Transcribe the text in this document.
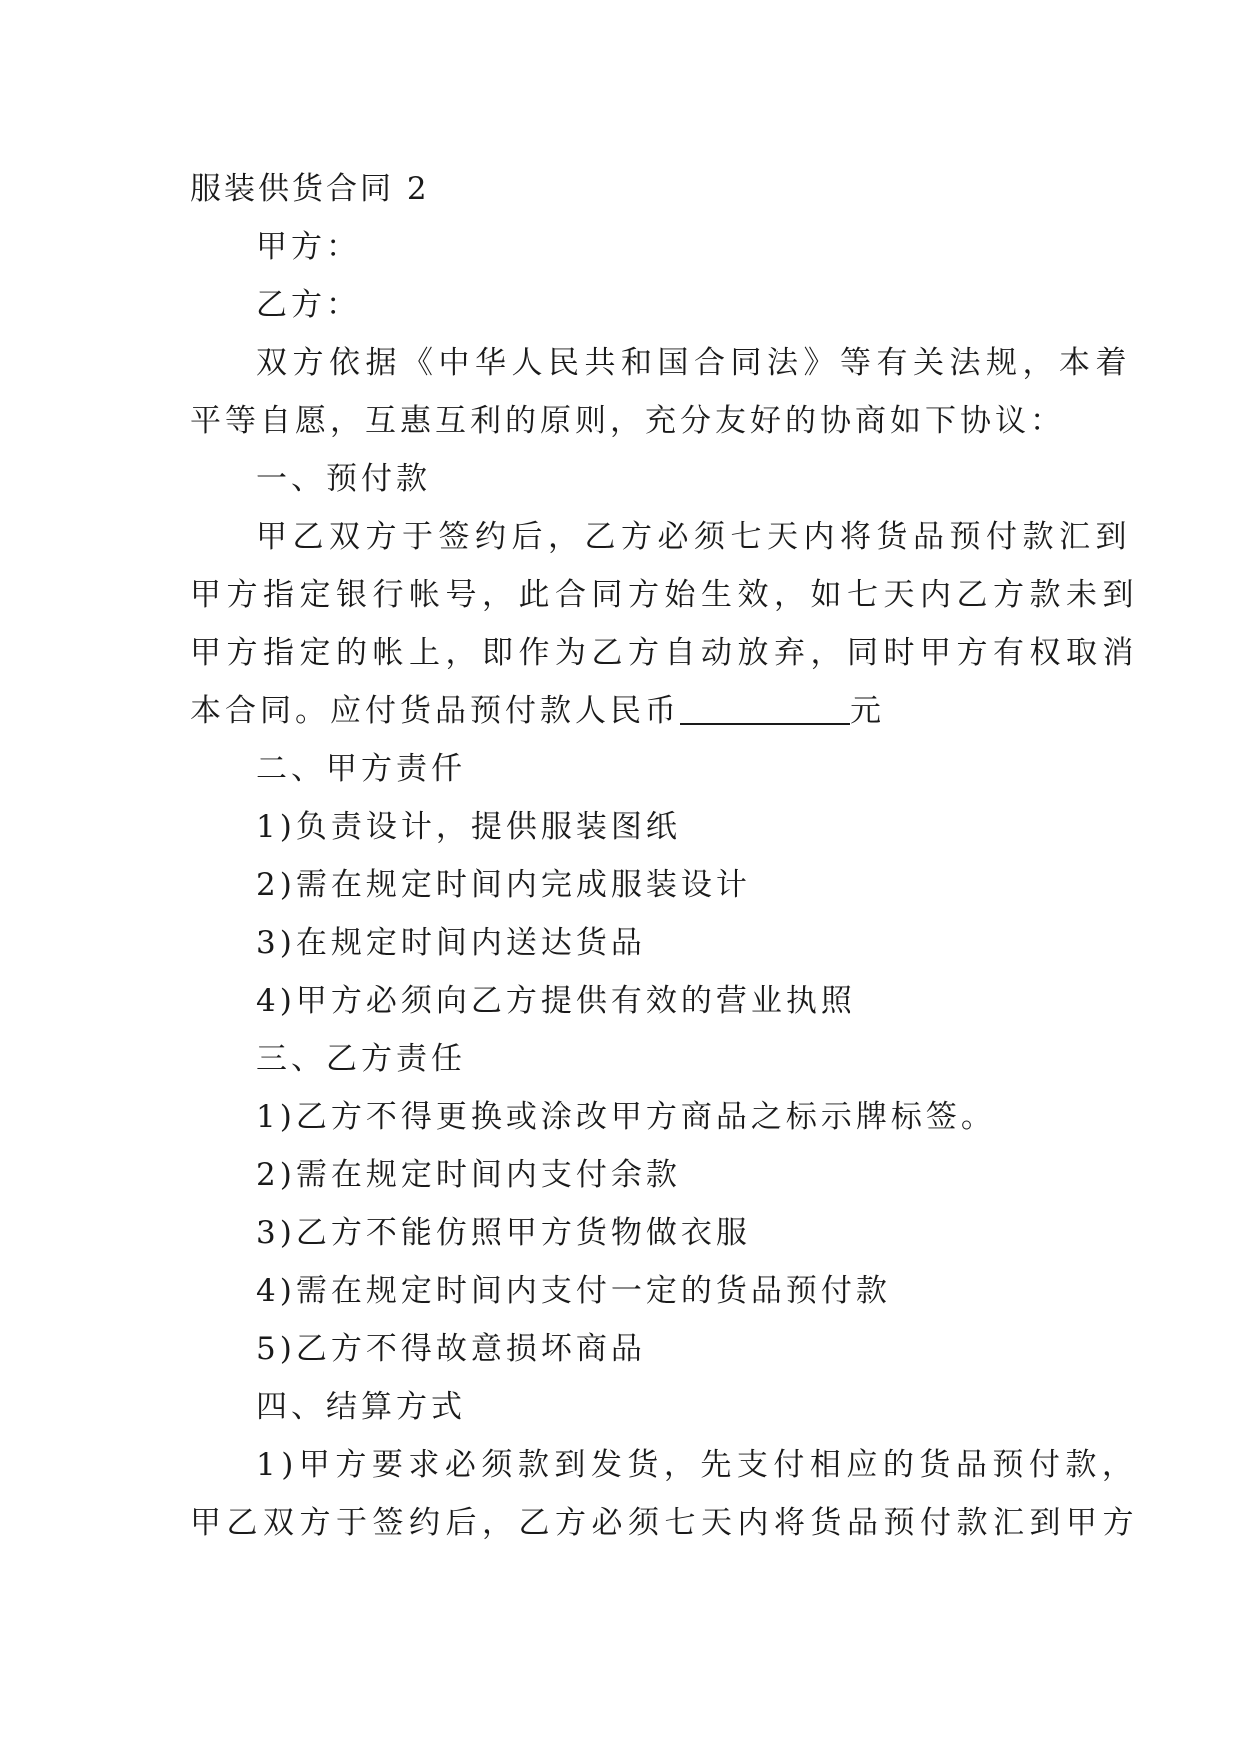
服装供货合同 2
甲方：
乙方：
双方依据《中华人民共和国合同法》等有关法规，本着
平等自愿，互惠互利的原则，充分友好的协商如下协议：
一、预付款
甲乙双方于签约后，乙方必须七天内将货品预付款汇到
甲方指定银行帐号，此合同方始生效，如七天内乙方款未到
甲方指定的帐上，即作为乙方自动放弃，同时甲方有权取消
本合同。应付货品预付款人民币	元
二、甲方责仟
1)负责设计，提供服装图纸
2)需在规定时间内完成服装设计
3)在规定时间内送达货品
4)甲方必须向乙方提供有效的营业执照
三、乙方责任
1)乙方不得更换或涂改甲方商品之标示牌标签。
2)需在规定时间内支付余款
3)乙方不能仿照甲方货物做衣服
4)需在规定时间内支付一定的货品预付款
5)乙方不得故意损坏商品
四、结算方式
1)甲方要求必须款到发货，先支付相应的货品预付款，
甲乙双方于签约后，乙方必须七天内将货品预付款汇到甲方
